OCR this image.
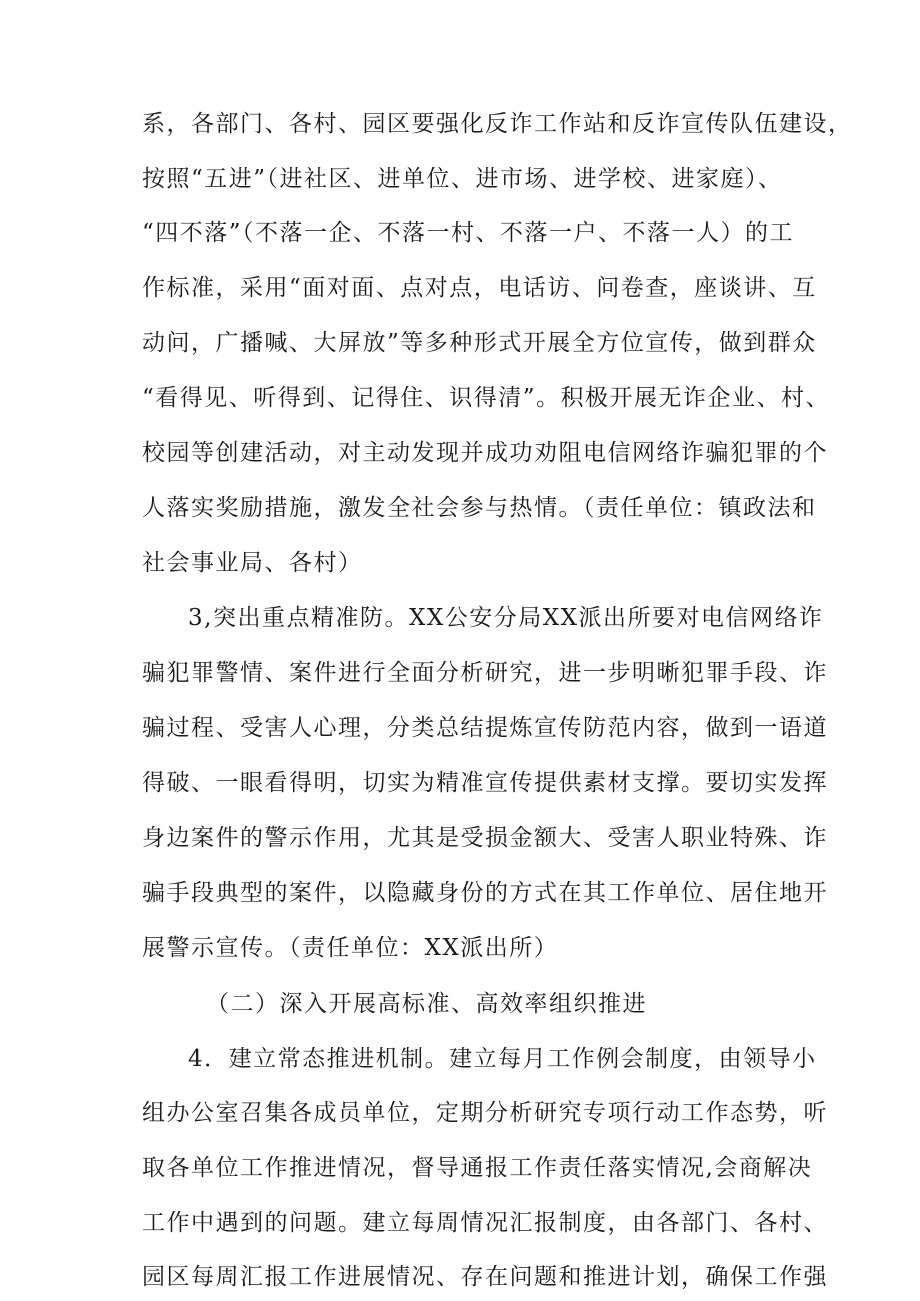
系，各部门、各村、园区要强化反诈工作站和反诈宣传队伍建设，
按照“五进”（进社区、进单位、进市场、进学校、进家庭）、
“四不落”（不落一企、不落一村、不落一户、不落一人）的工
作标准，采用“面对面、点对点，电话访、问卷查，座谈讲、互
动问，广播喊、大屏放”等多种形式开展全方位宣传，做到群众
“看得见、听得到、记得住、识得清”。积极开展无诈企业、村、
校园等创建活动，对主动发现并成功劝阻电信网络诈骗犯罪的个
人落实奖励措施，激发全社会参与热情。（责任单位：镇政法和
社会事业局、各村）
3,突出重点精准防。XX公安分局XX派出所要对电信网络诈
骗犯罪警情、案件进行全面分析研究，进一步明晰犯罪手段、诈
骗过程、受害人心理，分类总结提炼宣传防范内容，做到一语道
得破、一眼看得明，切实为精准宣传提供素材支撑。要切实发挥
身边案件的警示作用，尤其是受损金额大、受害人职业特殊、诈
骗手段典型的案件，以隐藏身份的方式在其工作单位、居住地开
展警示宣传。（责任单位：XX派出所）
（二）深入开展高标准、高效率组织推进
4．建立常态推进机制。建立每月工作例会制度，由领导小
组办公室召集各成员单位，定期分析研究专项行动工作态势，听
取各单位工作推进情况，督导通报工作责任落实情况,会商解决
工作中遇到的问题。建立每周情况汇报制度，由各部门、各村、
园区每周汇报工作进展情况、存在问题和推进计划，确保工作强
